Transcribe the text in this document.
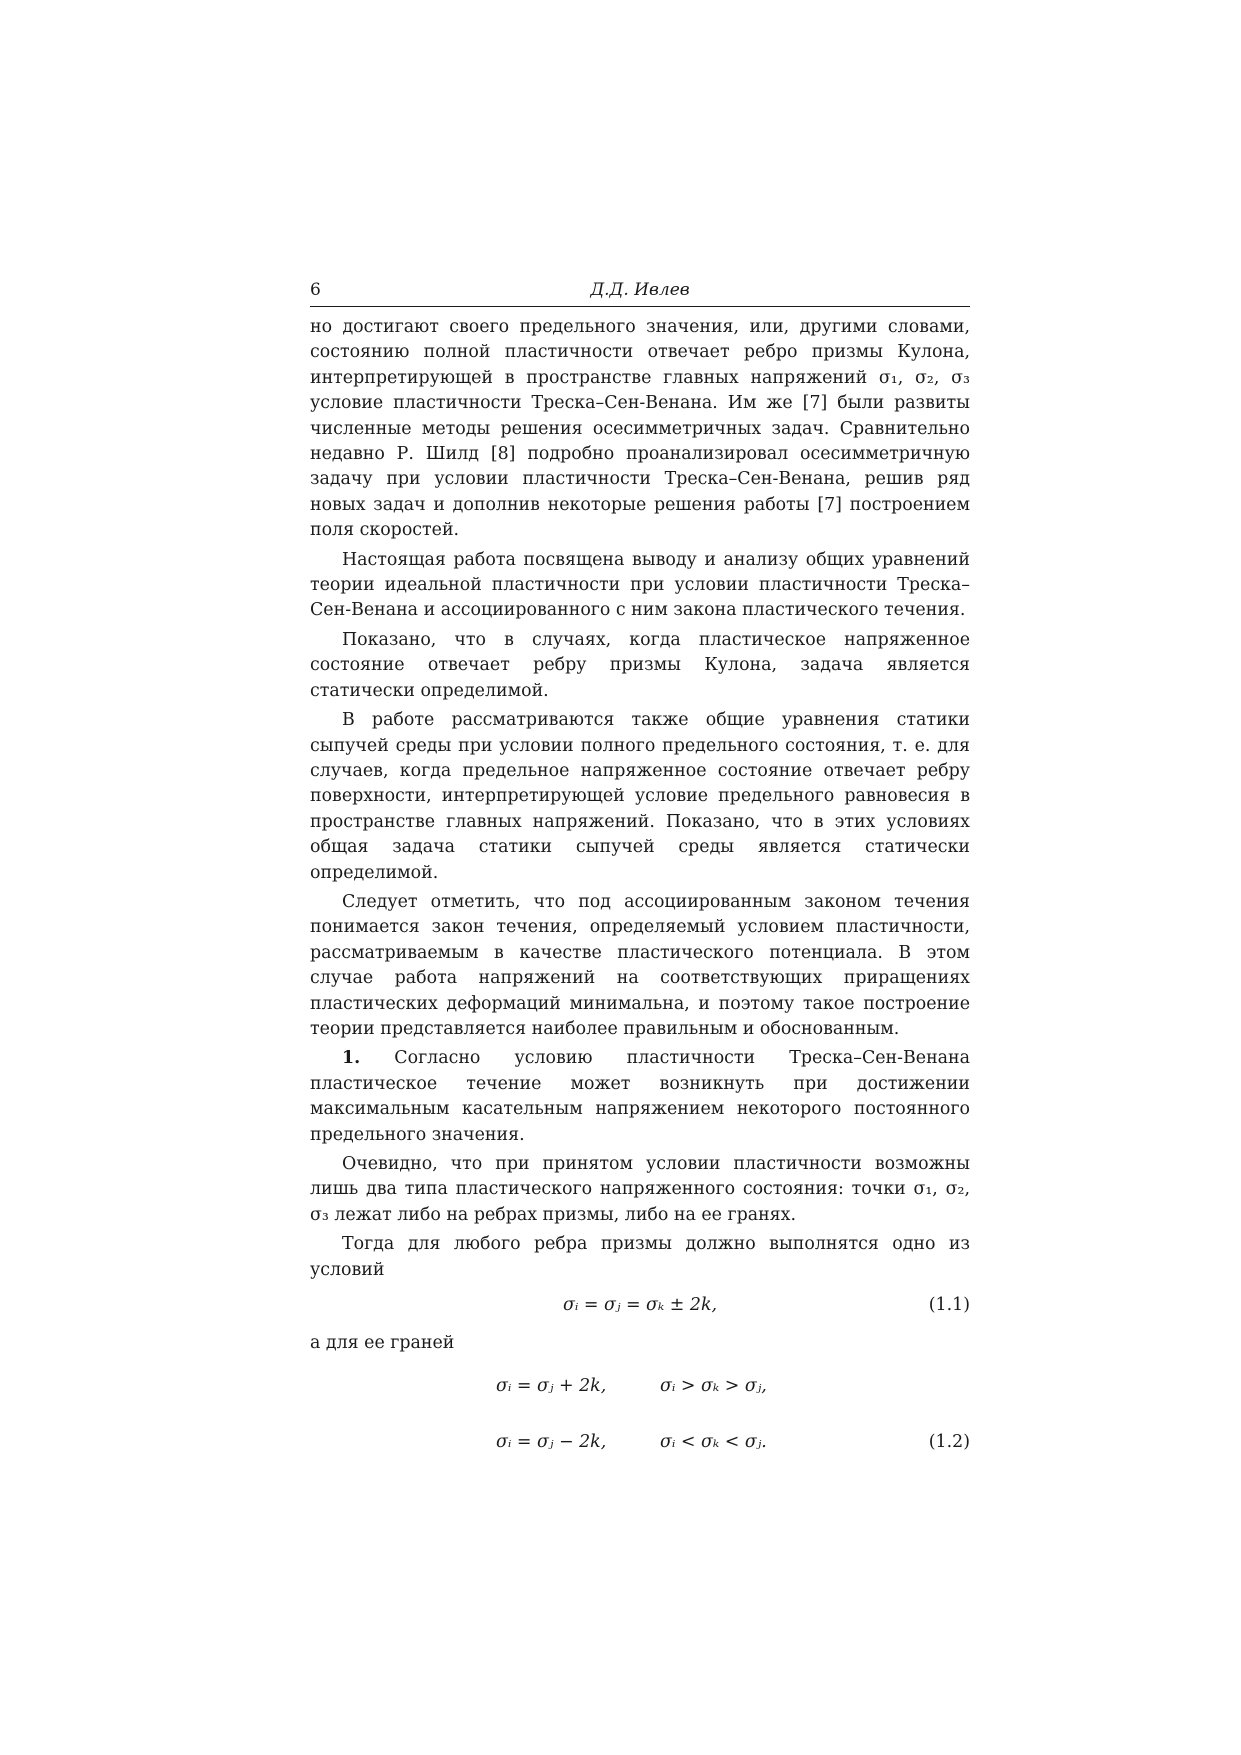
6	Д.Д. Ивлев

но достигают своего предельного значения, или, другими словами, состоянию полной пластичности отвечает ребро призмы Кулона, интерпретирующей в пространстве главных напряжений σ₁, σ₂, σ₃ условие пластичности Треска–Сен-Венана. Им же [7] были развиты численные методы решения осесимметричных задач. Сравнительно недавно Р. Шилд [8] подробно проанализировал осесимметричную задачу при условии пластичности Треска–Сен-Венана, решив ряд новых задач и дополнив некоторые решения работы [7] построением поля скоростей.

Настоящая работа посвящена выводу и анализу общих уравнений теории идеальной пластичности при условии пластичности Треска–Сен-Венана и ассоциированного с ним закона пластического течения.

Показано, что в случаях, когда пластическое напряженное состояние отвечает ребру призмы Кулона, задача является статически определимой.

В работе рассматриваются также общие уравнения статики сыпучей среды при условии полного предельного состояния, т. е. для случаев, когда предельное напряженное состояние отвечает ребру поверхности, интерпретирующей условие предельного равновесия в пространстве главных напряжений. Показано, что в этих условиях общая задача статики сыпучей среды является статически определимой.

Следует отметить, что под ассоциированным законом течения понимается закон течения, определяемый условием пластичности, рассматриваемым в качестве пластического потенциала. В этом случае работа напряжений на соответствующих приращениях пластических деформаций минимальна, и поэтому такое построение теории представляется наиболее правильным и обоснованным.

1. Согласно условию пластичности Треска–Сен-Венана пластическое течение может возникнуть при достижении максимальным касательным напряжением некоторого постоянного предельного значения.

Очевидно, что при принятом условии пластичности возможны лишь два типа пластического напряженного состояния: точки σ₁, σ₂, σ₃ лежат либо на ребрах призмы, либо на ее гранях.

Тогда для любого ребра призмы должно выполнятся одно из условий

σᵢ = σⱼ = σₖ ± 2k,	(1.1)

а для ее граней

σᵢ = σⱼ + 2k,	σᵢ > σₖ > σⱼ,
σᵢ = σⱼ − 2k,	σᵢ < σₖ < σⱼ.	(1.2)
